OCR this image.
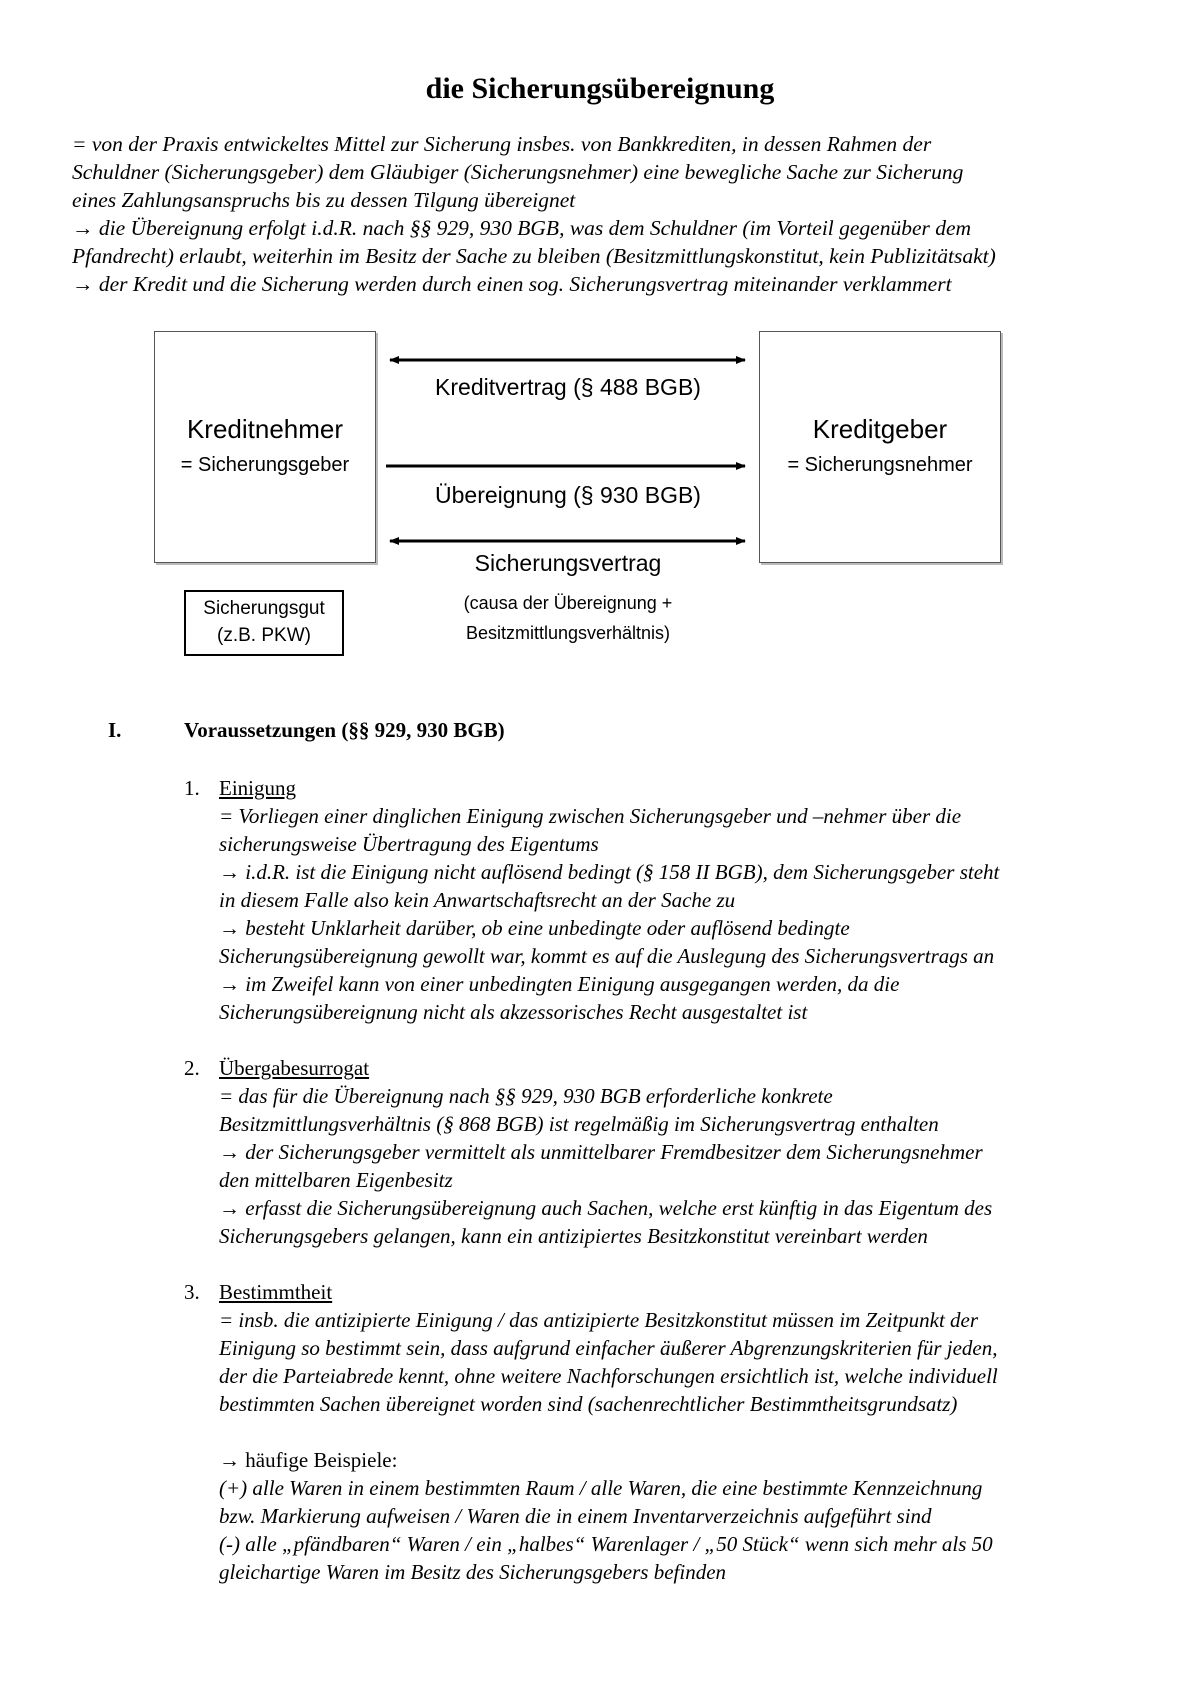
die Sicherungsübereignung
= von der Praxis entwickeltes Mittel zur Sicherung insbes. von Bankkrediten, in dessen Rahmen der
Schuldner (Sicherungsgeber) dem Gläubiger (Sicherungsnehmer) eine bewegliche Sache zur Sicherung
eines Zahlungsanspruchs bis zu dessen Tilgung übereignet
→ die Übereignung erfolgt i.d.R. nach §§ 929, 930 BGB, was dem Schuldner (im Vorteil gegenüber dem
Pfandrecht) erlaubt, weiterhin im Besitz der Sache zu bleiben (Besitzmittlungskonstitut, kein Publizitätsakt)
→ der Kredit und die Sicherung werden durch einen sog. Sicherungsvertrag miteinander verklammert
Kreditnehmer
= Sicherungsgeber
Kreditgeber
= Sicherungsnehmer
Kreditvertrag (§ 488 BGB)
Übereignung (§ 930 BGB)
Sicherungsvertrag
(causa der Übereignung +
Besitzmittlungsverhältnis)
Sicherungsgut
(z.B. PKW)
I.	Voraussetzungen (§§ 929, 930 BGB)
1. Einigung
= Vorliegen einer dinglichen Einigung zwischen Sicherungsgeber und –nehmer über die
sicherungsweise Übertragung des Eigentums
→ i.d.R. ist die Einigung nicht auflösend bedingt (§ 158 II BGB), dem Sicherungsgeber steht
in diesem Falle also kein Anwartschaftsrecht an der Sache zu
→ besteht Unklarheit darüber, ob eine unbedingte oder auflösend bedingte
Sicherungsübereignung gewollt war, kommt es auf die Auslegung des Sicherungsvertrags an
→ im Zweifel kann von einer unbedingten Einigung ausgegangen werden, da die
Sicherungsübereignung nicht als akzessorisches Recht ausgestaltet ist
2. Übergabesurrogat
= das für die Übereignung nach §§ 929, 930 BGB erforderliche konkrete
Besitzmittlungsverhältnis (§ 868 BGB) ist regelmäßig im Sicherungsvertrag enthalten
→ der Sicherungsgeber vermittelt als unmittelbarer Fremdbesitzer dem Sicherungsnehmer
den mittelbaren Eigenbesitz
→ erfasst die Sicherungsübereignung auch Sachen, welche erst künftig in das Eigentum des
Sicherungsgebers gelangen, kann ein antizipiertes Besitzkonstitut vereinbart werden
3. Bestimmtheit
= insb. die antizipierte Einigung / das antizipierte Besitzkonstitut müssen im Zeitpunkt der
Einigung so bestimmt sein, dass aufgrund einfacher äußerer Abgrenzungskriterien für jeden,
der die Parteiabrede kennt, ohne weitere Nachforschungen ersichtlich ist, welche individuell
bestimmten Sachen übereignet worden sind (sachenrechtlicher Bestimmtheitsgrundsatz)
→ häufige Beispiele:
(+) alle Waren in einem bestimmten Raum / alle Waren, die eine bestimmte Kennzeichnung
bzw. Markierung aufweisen / Waren die in einem Inventarverzeichnis aufgeführt sind
(-) alle „pfändbaren“ Waren / ein „halbes“ Warenlager / „50 Stück“ wenn sich mehr als 50
gleichartige Waren im Besitz des Sicherungsgebers befinden
